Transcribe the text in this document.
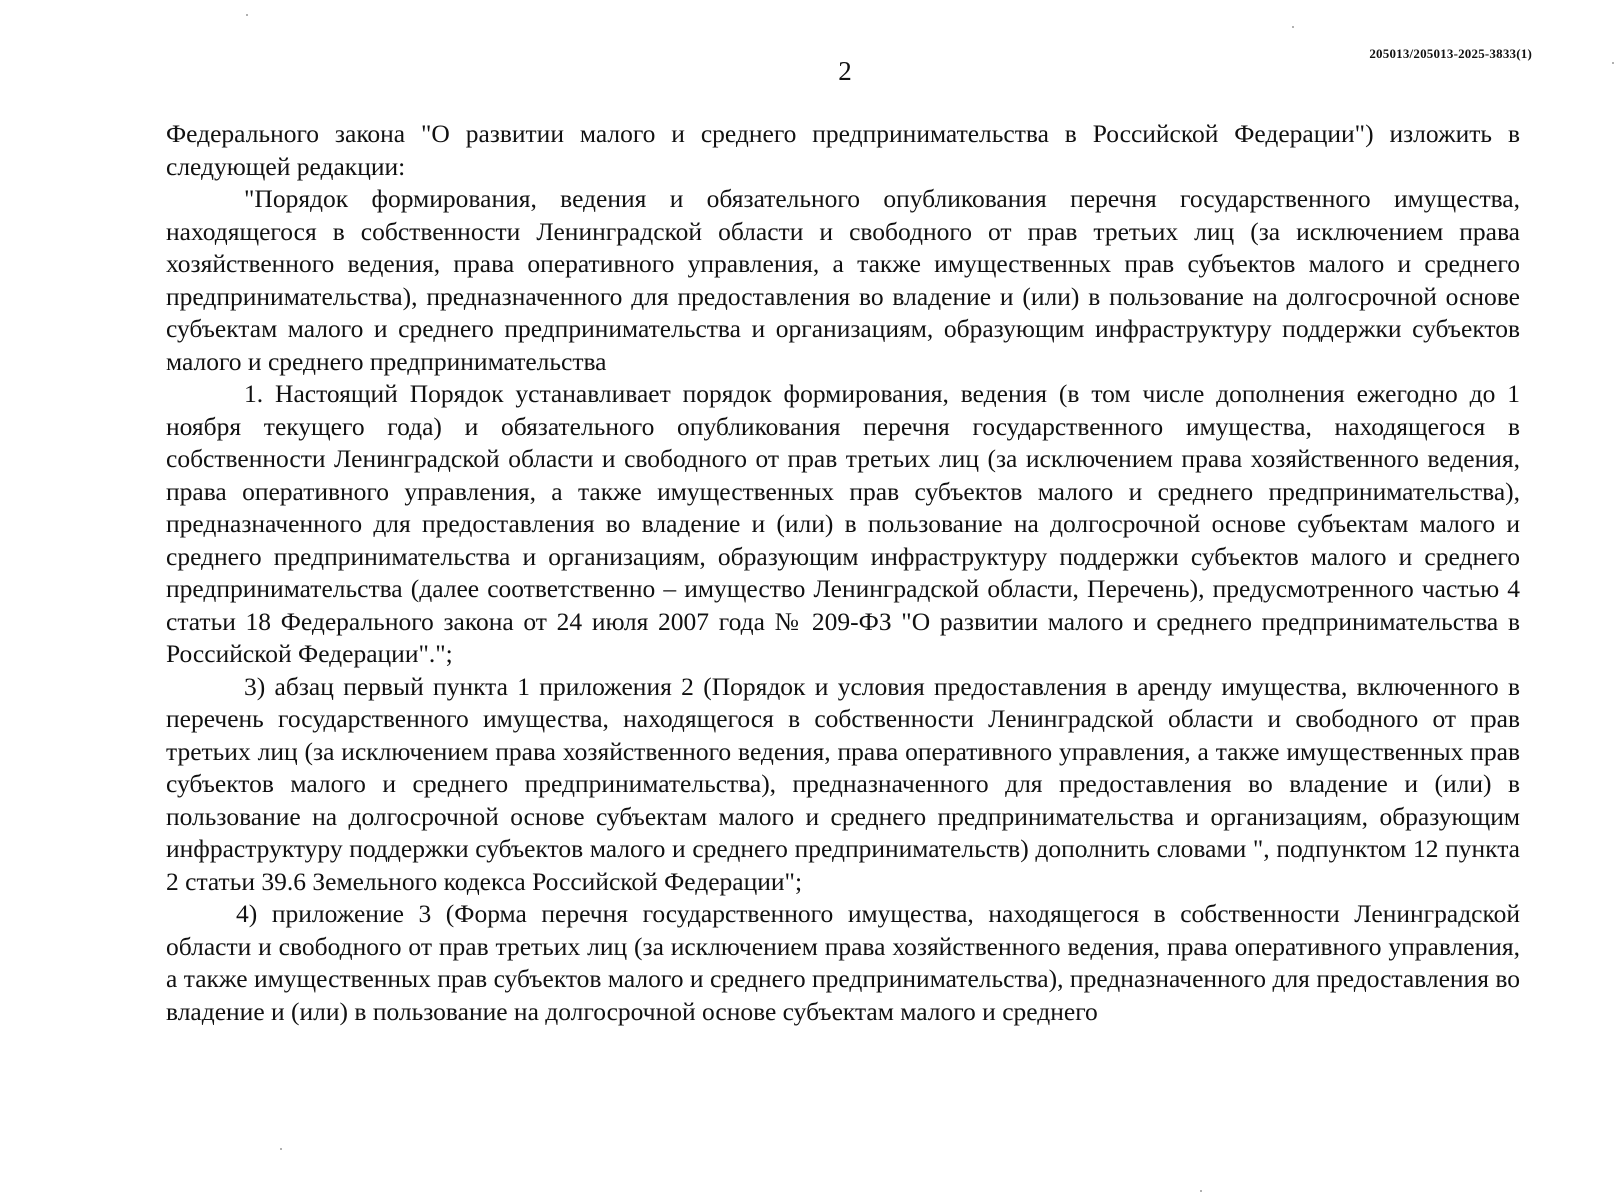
205013/205013-2025-3833(1)
2

Федерального закона "О развитии малого и среднего предпринимательства в Российской Федерации") изложить в следующей редакции:

"Порядок формирования, ведения и обязательного опубликования перечня государственного имущества, находящегося в собственности Ленинградской области и свободного от прав третьих лиц (за исключением права хозяйственного ведения, права оперативного управления, а также имущественных прав субъектов малого и среднего предпринимательства), предназначенного для предоставления во владение и (или) в пользование на долгосрочной основе субъектам малого и среднего предпринимательства и организациям, образующим инфраструктуру поддержки субъектов малого и среднего предпринимательства

1. Настоящий Порядок устанавливает порядок формирования, ведения (в том числе дополнения ежегодно до 1 ноября текущего года) и обязательного опубликования перечня государственного имущества, находящегося в собственности Ленинградской области и свободного от прав третьих лиц (за исключением права хозяйственного ведения, права оперативного управления, а также имущественных прав субъектов малого и среднего предпринимательства), предназначенного для предоставления во владение и (или) в пользование на долгосрочной основе субъектам малого и среднего предпринимательства и организациям, образующим инфраструктуру поддержки субъектов малого и среднего предпринимательства (далее соответственно – имущество Ленинградской области, Перечень), предусмотренного частью 4 статьи 18 Федерального закона от 24 июля 2007 года № 209-ФЗ "О развитии малого и среднего предпринимательства в Российской Федерации".";

3) абзац первый пункта 1 приложения 2 (Порядок и условия предоставления в аренду имущества, включенного в перечень государственного имущества, находящегося в собственности Ленинградской области и свободного от прав третьих лиц (за исключением права хозяйственного ведения, права оперативного управления, а также имущественных прав субъектов малого и среднего предпринимательства), предназначенного для предоставления во владение и (или) в пользование на долгосрочной основе субъектам малого и среднего предпринимательства и организациям, образующим инфраструктуру поддержки субъектов малого и среднего предпринимательств) дополнить словами ", подпунктом 12 пункта 2 статьи 39.6 Земельного кодекса Российской Федерации";

4) приложение 3 (Форма перечня государственного имущества, находящегося в собственности Ленинградской области и свободного от прав третьих лиц (за исключением права хозяйственного ведения, права оперативного управления, а также имущественных прав субъектов малого и среднего предпринимательства), предназначенного для предоставления во владение и (или) в пользование на долгосрочной основе субъектам малого и среднего
